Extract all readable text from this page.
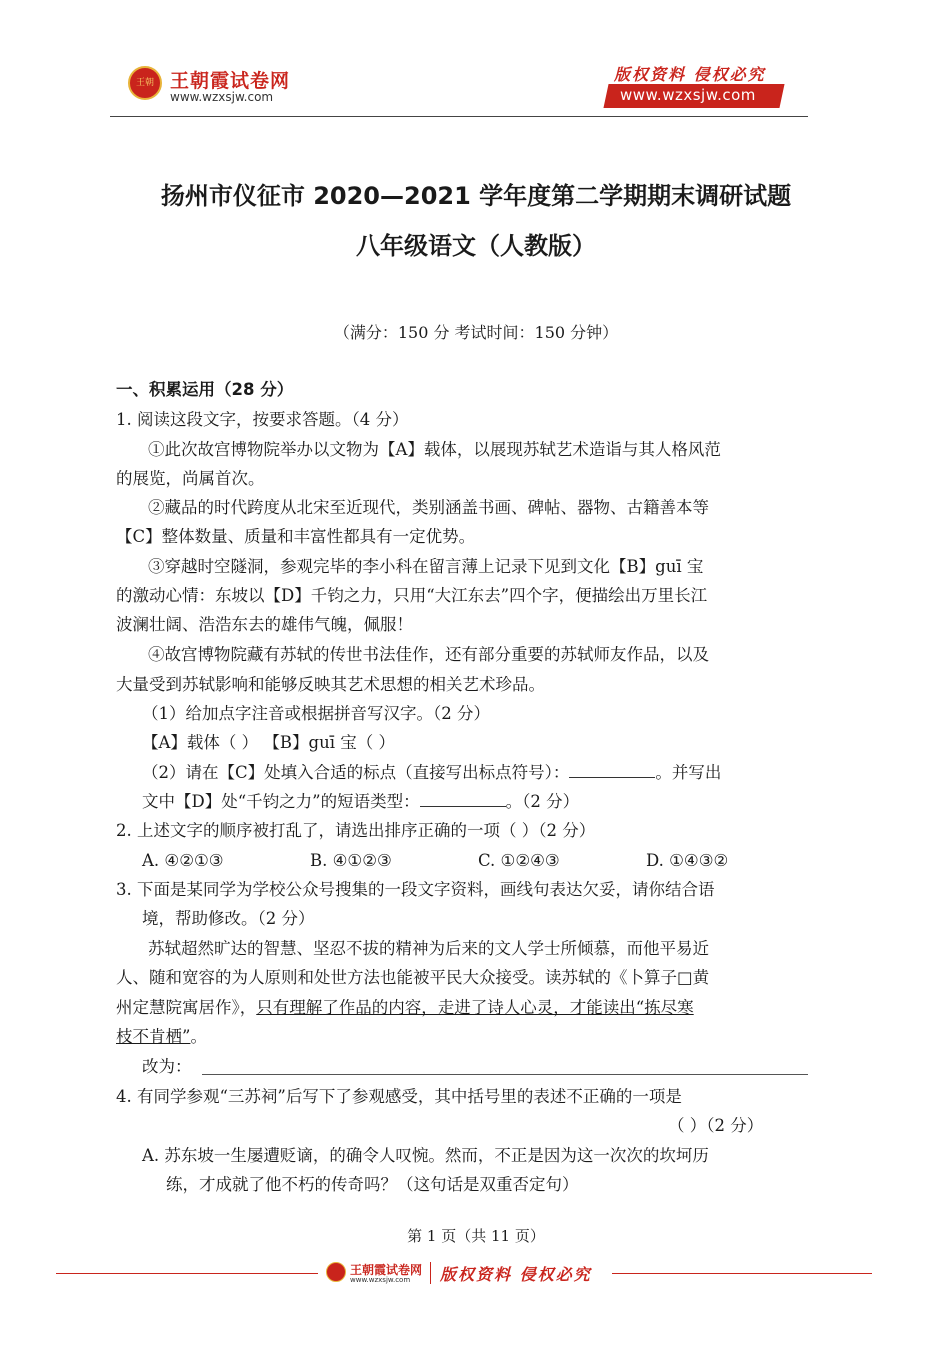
王朝 王朝霞试卷网
www.wzxsjw.com
版权资料 侵权必究
www.wzxsjw.com
扬州市仪征市 2020—2021 学年度第二学期期末调研试题
八年级语文（人教版）
（满分：150 分 考试时间：150 分钟）
一、积累运用（28 分）
1. 阅读这段文字，按要求答题。（4 分）
①此次故宫博物院举办以文物为【A】载体，以展现苏轼艺术造诣与其人格风范
的展览，尚属首次。
②藏品的时代跨度从北宋至近现代，类别涵盖书画、碑帖、器物、古籍善本等
【C】整体数量、质量和丰富性都具有一定优势。
③穿越时空隧洞，参观完毕的李小科在留言薄上记录下见到文化【B】guī 宝
的激动心情：东坡以【D】千钧之力，只用“大江东去”四个字，便描绘出万里长江
波澜壮阔、浩浩东去的雄伟气魄，佩服！
④故宫博物院藏有苏轼的传世书法佳作，还有部分重要的苏轼师友作品，以及
大量受到苏轼影响和能够反映其艺术思想的相关艺术珍品。
（1）给加点字注音或根据拼音写汉字。（2 分）
【A】载体（ ） 【B】guī 宝（ ）
（2）请在【C】处填入合适的标点（直接写出标点符号）：	。并写出
文中【D】处“千钧之力”的短语类型：	。（2 分）
2. 上述文字的顺序被打乱了，请选出排序正确的一项（ ）（2 分）
A. ④②①③	B. ④①②③	C. ①②④③	D. ①④③②
3. 下面是某同学为学校公众号搜集的一段文字资料，画线句表达欠妥，请你结合语
境，帮助修改。（2 分）
苏轼超然旷达的智慧、坚忍不拔的精神为后来的文人学士所倾慕，而他平易近
人、随和宽容的为人原则和处世方法也能被平民大众接受。读苏轼的《卜算子□黄
州定慧院寓居作》，只有理解了作品的内容，走进了诗人心灵，才能读出“拣尽寒
枝不肯栖”。
改为：
4. 有同学参观“三苏祠”后写下了参观感受，其中括号里的表述不正确的一项是
（ ）（2 分）
A. 苏东坡一生屡遭贬谪，的确令人叹惋。然而，不正是因为这一次次的坎坷历
练，才成就了他不朽的传奇吗？（这句话是双重否定句）
第 1 页（共 11 页）
王朝霞试卷网
www.wzxsjw.com 版权资料 侵权必究
